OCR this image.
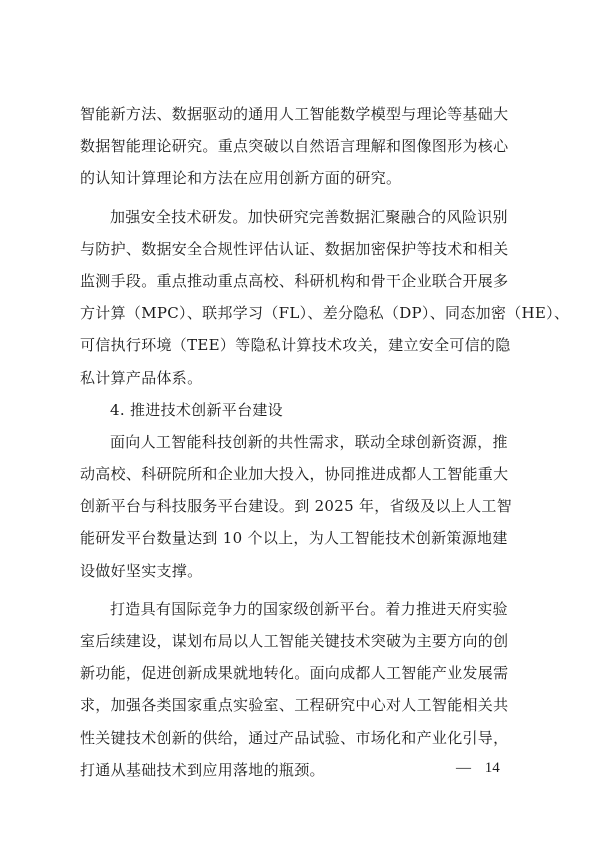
智能新方法、数据驱动的通用人工智能数学模型与理论等基础大
数据智能理论研究。重点突破以自然语言理解和图像图形为核心
的认知计算理论和方法在应用创新方面的研究。
加强安全技术研发。加快研究完善数据汇聚融合的风险识别
与防护、数据安全合规性评估认证、数据加密保护等技术和相关
监测手段。重点推动重点高校、科研机构和骨干企业联合开展多
方计算（MPC）、联邦学习（FL）、差分隐私（DP）、同态加密（HE）、
可信执行环境（TEE）等隐私计算技术攻关，建立安全可信的隐
私计算产品体系。
4. 推进技术创新平台建设
面向人工智能科技创新的共性需求，联动全球创新资源，推
动高校、科研院所和企业加大投入，协同推进成都人工智能重大
创新平台与科技服务平台建设。到 2025 年，省级及以上人工智
能研发平台数量达到 10 个以上，为人工智能技术创新策源地建
设做好坚实支撑。
打造具有国际竞争力的国家级创新平台。着力推进天府实验
室后续建设，谋划布局以人工智能关键技术突破为主要方向的创
新功能，促进创新成果就地转化。面向成都人工智能产业发展需
求，加强各类国家重点实验室、工程研究中心对人工智能相关共
性关键技术创新的供给，通过产品试验、市场化和产业化引导，
打通从基础技术到应用落地的瓶颈。	— 14
